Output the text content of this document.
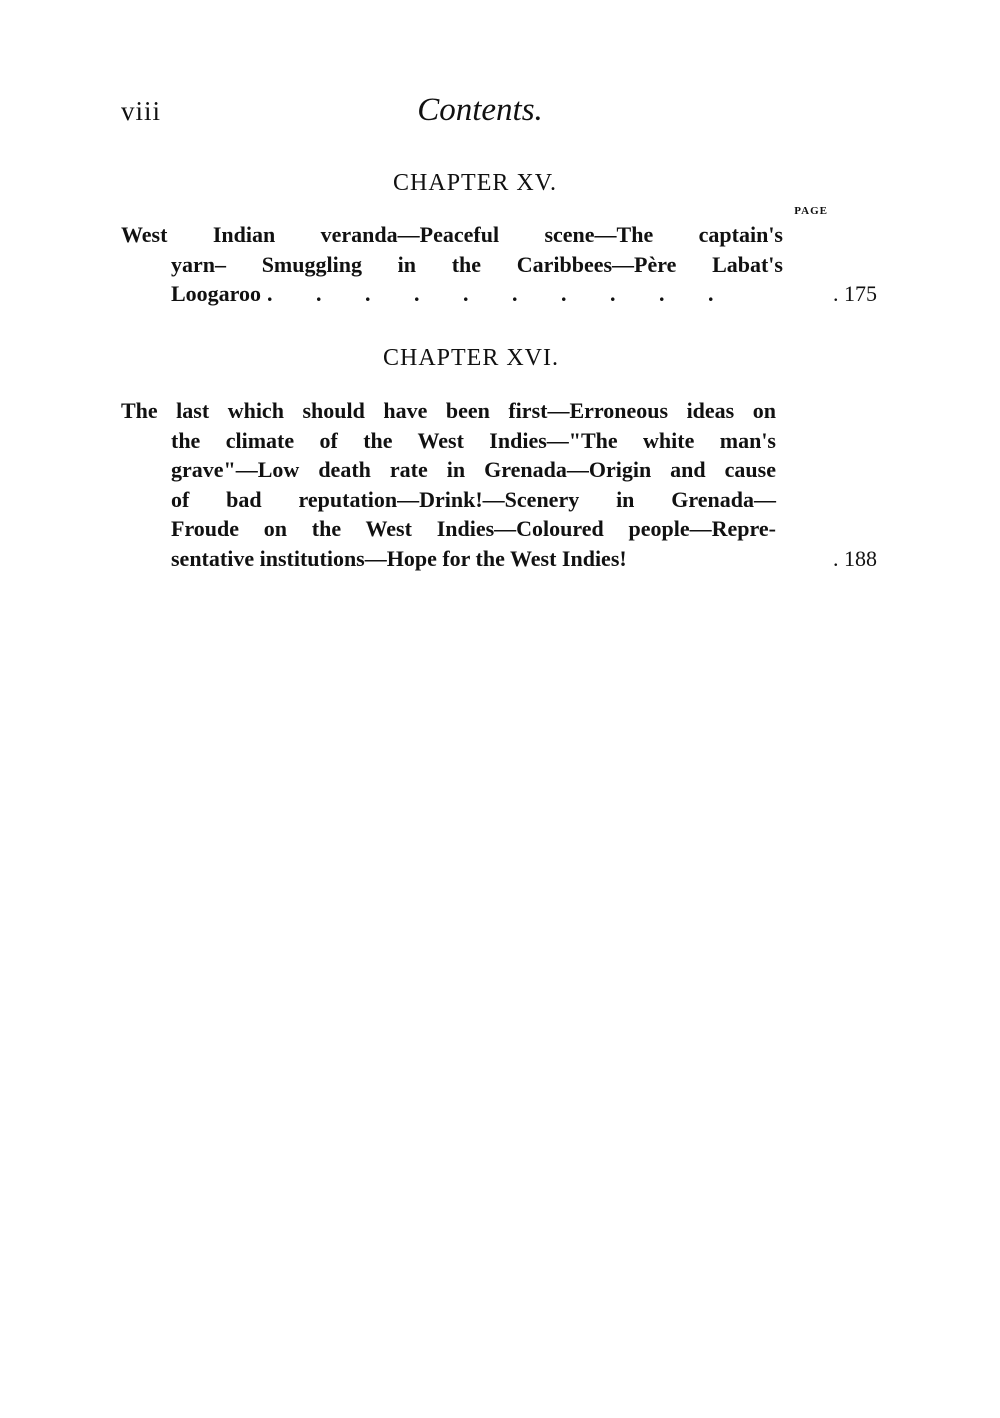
viii	Contents.
CHAPTER XV.
PAGE
West Indian veranda—Peaceful scene—The captain's
yarn– Smuggling in the Caribbees—Père Labat's
Loogaroo . . . . . . . . . .	. 175
CHAPTER XVI.
The last which should have been first—Erroneous ideas on
the climate of the West Indies—"The white man's
grave"—Low death rate in Grenada—Origin and cause
of bad reputation—Drink!—Scenery in Grenada—
Froude on the West Indies—Coloured people—Repre-
sentative institutions—Hope for the West Indies!	. 188
